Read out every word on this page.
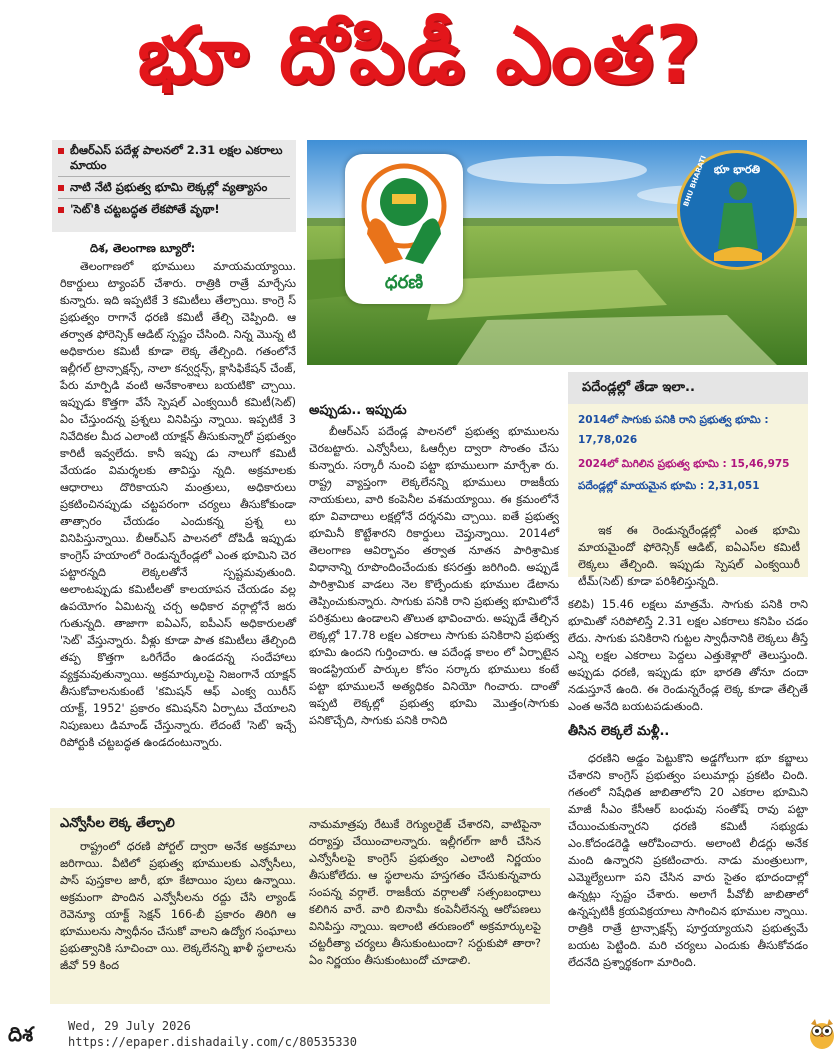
భూ దోపిడీ ఎంత?
బీఆర్ఎస్ పదేళ్ల పాలనలో 2.31 లక్షల ఎకరాలు మాయం
నాటి నేటి ప్రభుత్వ భూమి లెక్కల్లో వ్యత్యాసం
'సెట్'కి చట్టబద్ధత లేకపోతే వృథా!
ధరణి
భూ భారతి
BHU BHARATI

దిశ, తెలంగాణ బ్యూరో:

తెలంగాణలో భూములు మాయమయ్యాయి. రికార్డులు ట్యాంపర్ చేశారు. రాత్రికి రాత్రే మార్చేసు కున్నారు. ఇది ఇప్పటికే 3 కమిటీలు తేల్చాయి. కాంగ్రె స్ ప్రభుత్వం రాగానే ధరణి కమిటీ తేల్చి చెప్పింది. ఆ తర్వాత ఫోరెన్సిక్ ఆడిట్ స్పష్టం చేసింది. నిన్న మొన్న టి అధికారుల కమిటీ కూడా లెక్క తేల్చింది. గతంలోనే ఇల్లీగల్ ట్రాన్సాక్షన్స్, నాలా కన్వర్షన్స్, క్లాసిఫికేషన్ చేంజ్, పేరు మార్పిడి వంటి అనేకాంశాలు బయటికొ చ్చాయి. ఇప్పుడు కొత్తగా వేసే స్పెషల్ ఎంక్వయిరీ కమిటీ(సెట్) ఏం చేస్తుందన్న ప్రశ్నలు వినిపిస్తు న్నాయి. ఇప్పటికే 3 నివేదికల మీద ఎలాంటి యాక్షన్ తీసుకున్నారో ప్రభుత్వం కారిటీ ఇవ్వలేదు. కానీ ఇప్పు డు నాలుగో కమిటీ వేయడం విమర్శలకు తావిస్తు న్నది. అక్రమాలకు ఆధారాలు దొరికాయని మంత్రులు, అధికారులు ప్రకటించినప్పుడు చట్టపరంగా చర్యలు తీసుకోకుండా తాత్సారం చేయడం ఎందుకన్న ప్రశ్న లు వినిపిస్తున్నాయి. బీఆర్ఎస్ పాలనలో దోపిడీ ఇప్పుడు కాంగ్రెస్ హయాంలో రెండున్నరేండ్లలో ఎంత భూమిని చెర పట్టారన్నది లెక్కలతోనే స్పష్టమవుతుంది. అలాంటప్పుడు కమిటీలతో కాలయాపన చేయడం వల్ల ఉపయోగం ఏమిటన్న చర్చ అధికార వర్గాల్లోనే జరు గుతున్నది. తాజాగా ఐఏఎస్, ఐపీఎస్ అధికారులతో 'సెట్' వేస్తున్నారు. వీళ్లు కూడా పాత కమిటీలు తేల్చింది తప్ప కొత్తగా ఒరిగేదేం ఉండదన్న సందేహాలు వ్యక్తమవుతున్నాయి. అక్రమార్కులపై నిజంగానే యాక్షన్ తీసుకోవాలనుకుంటే 'కమిషన్ ఆఫ్ ఎంక్వ యిరీస్ యాక్ట్, 1952' ప్రకారం కమిషన్‌ని ఏర్పాటు చేయాలని నిపుణులు డిమాండ్ చేస్తున్నారు. లేదంటే 'సెట్' ఇచ్చే రిపోర్టుకి చట్టబద్ధత ఉండదంటున్నారు.

అప్పుడు.. ఇప్పుడు

బీఆర్ఎస్ పదేండ్ల పాలనలో ప్రభుత్వ భూములను చెరబట్టారు. ఎన్వోసీలు, ఓఆర్సీల ద్వారా సొంతం చేసు కున్నారు. సర్కారీ నుంచి పట్టా భూములుగా మార్చేశా రు. రాష్ట్ర వ్యాప్తంగా లెక్కలేనన్ని భూములు రాజకీయ నాయకులు, వారి కంపెనీల వశమయ్యాయి. ఈ క్రమంలోనే భూ వివాదాలు లక్షల్లోనే దర్శనమి చ్చాయి. ఐతే ప్రభుత్వ భూమినీ కొట్టేశారని రికార్డులు చెప్తున్నాయి. 2014లో తెలంగాణ ఆవిర్భావం తర్వాత నూతన పారిశ్రామిక విధానాన్ని రూపొందించేందుకు కసరత్తు జరిగింది. అప్పుడే పారిశ్రామిక వాడలు నెల కొల్పేందుకు భూముల డేటాను తెప్పించుకున్నారు. సాగుకు పనికి రాని ప్రభుత్వ భూమిలోనే పరిశ్రమలు ఉండాలని తొలుత భావించారు. అప్పుడే తేల్చిన లెక్కల్లో 17.78 లక్షల ఎకరాలు సాగుకు పనికిరాని ప్రభుత్వ భూమి ఉందని గుర్తించారు. ఆ పదేండ్ల కాలం లో ఏర్పాటైన ఇండస్ట్రియల్ పార్కుల కోసం సర్కారు భూములు కంటే పట్టా భూములనే అత్యధికం వినియో గించారు. దాంతో ఇప్పటి లెక్కల్లో ప్రభుత్వ భూమి మొత్తం(సాగుకు పనికొచ్చేది, సాగుకు పనికి రానిది

పదేండ్లల్లో తేడా ఇలా..
2014లో సాగుకు పనికి రాని ప్రభుత్వ భూమి :
17,78,026
2024లో మిగిలిన ప్రభుత్వ భూమి : 15,46,975
పదేండ్లల్లో మాయమైన భూమి : 2,31,051

ఇక ఈ రెండున్నరేండ్లల్లో ఎంత భూమి మాయమైందో ఫోరెన్సిక్ ఆడిట్, ఐఏఎస్‌ల కమిటీ లెక్కలు తేల్చింది. ఇప్పుడు స్పెషల్ ఎంక్వయిరీ టీమ్(సెట్) కూడా పరిశీలిస్తున్నది.

కలిపి) 15.46 లక్షలు మాత్రమే. సాగుకు పనికి రాని భూమితో సరిపోలిస్తే 2.31 లక్షల ఎకరాలు కనిపిం చడం లేదు. సాగుకు పనికిరాని గుట్టల స్వాధీనానికి లెక్కలు తీస్తే ఎన్ని లక్షల ఎకరాలు పెద్దలు ఎత్తుకెళ్లారో తెలుస్తుంది. అప్పుడు ధరణి, ఇప్పుడు భూ భారతి తోనూ దందా నడుస్తూనే ఉంది. ఈ రెండున్నరేండ్ల లెక్క కూడా తేల్చితే ఎంత అనేది బయటపడుతుంది.

తీసిన లెక్కలే మళ్లీ..

ధరణిని అడ్డం పెట్టుకొని అడ్డగోలుగా భూ కబ్జాలు చేశారని కాంగ్రెస్ ప్రభుత్వం పలుమార్లు ప్రకటిం చింది. గతంలో నిషేధిత జాబితాలోని 20 ఎకరాల భూమిని మాజీ సీఎం కేసీఆర్ బంధువు సంతోష్ రావు పట్టా చేయించుకున్నారని ధరణి కమిటీ సభ్యుడు ఎం.కోదండరెడ్డి ఆరోపించారు. అలాంటి లీడర్లు అనేక మంది ఉన్నారని ప్రకటించారు. నాడు మంత్రులుగా, ఎమ్మెల్యేలుగా పని చేసిన వారు సైతం భూదందాల్లో ఉన్నట్లు స్పష్టం చేశారు. అలాగే పీవోబీ జాబితాలో ఉన్నప్పటికీ క్రయవిక్రయాలు సాగించిన భూముల న్నాయి. రాత్రికి రాత్రే ట్రాన్సాక్షన్స్ పూర్తయ్యాయని ప్రభుత్వమే బయట పెట్టింది. మరి చర్యలు ఎందుకు తీసుకోవడం లేదనేది ప్రశ్నార్థకంగా మారింది.

ఎన్వోసీల లెక్క తేల్చాలి

రాష్ట్రంలో ధరణి పోర్టల్ ద్వారా అనేక అక్రమాలు జరిగాయి. వీటిలో ప్రభుత్వ భూములకు ఎన్వోసీలు, పాస్ పుస్తకాల జారీ, భూ కేటాయిం పులు ఉన్నాయి. అక్రమంగా పొందిన ఎన్వోసీలను రద్దు చేసి ల్యాండ్ రెవెన్యూ యాక్ట్ సెక్షన్ 166-బీ ప్రకారం తిరిగి ఆ భూములను స్వాధీనం చేసుకో వాలని ఉద్యోగ సంఘాలు ప్రభుత్వానికి సూచించా యి. లెక్కలేనన్ని ఖాళీ స్థలాలను జీవో 59 కింద

నామమాత్రపు రేటుకే రెగ్యులరైజ్ చేశారని, వాటిపైనా దర్యాప్తు చేయించాలన్నారు. ఇల్లీగల్‌గా జారీ చేసిన ఎన్వోసీలపై కాంగ్రెస్ ప్రభుత్వం ఎలాంటి నిర్ణయం తీసుకోలేదు. ఆ స్థలాలను హస్తగతం చేసుకున్నవారు సంపన్న వర్గాలే. రాజకీయ వర్గాలతో సత్సంబంధాలు కలిగిన వారే. వారి బినామీ కంపెనీలేనన్న ఆరోపణలు వినిపిస్తు న్నాయి. ఇలాంటి తరుణంలో అక్రమార్కులపై చట్టరీత్యా చర్యలు తీసుకుంటుందా? సర్దుకుపో తారా? ఏం నిర్ణయం తీసుకుంటుందో చూడాలి.

దిశ	Wed, 29 July 2026
https://epaper.dishadaily.com/c/80535330
